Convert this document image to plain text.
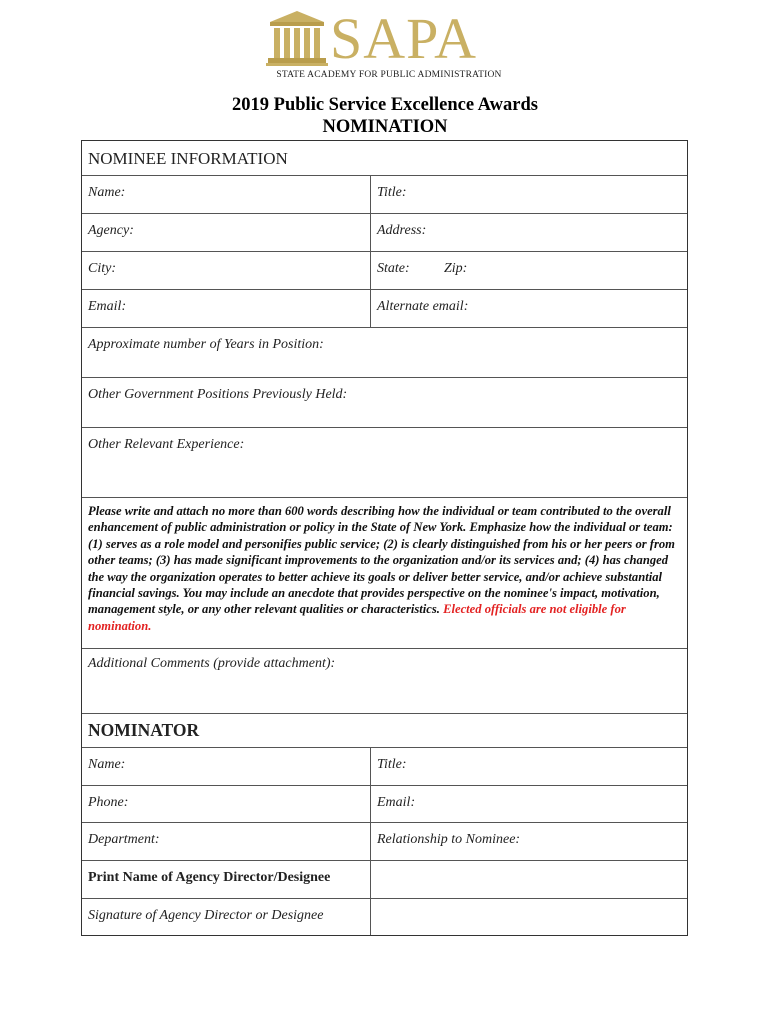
SAPA
STATE ACADEMY FOR PUBLIC ADMINISTRATION
2019 Public Service Excellence Awards
NOMINATION
NOMINEE INFORMATION
Name:	Title:
Agency:	Address:
City:	State: Zip:
Email:	Alternate email:
Approximate number of Years in Position:
Other Government Positions Previously Held:
Other Relevant Experience:
Please write and attach no more than 600 words describing how the individual or team contributed to the overall enhancement of public administration or policy in the State of New York. Emphasize how the individual or team: (1) serves as a role model and personifies public service; (2) is clearly distinguished from his or her peers or from other teams; (3) has made significant improvements to the organization and/or its services and; (4) has changed the way the organization operates to better achieve its goals or deliver better service, and/or achieve substantial financial savings. You may include an anecdote that provides perspective on the nominee's impact, motivation, management style, or any other relevant qualities or characteristics. Elected officials are not eligible for nomination.
Additional Comments (provide attachment):
NOMINATOR
Name:	Title:
Phone:	Email:
Department:	Relationship to Nominee:
Print Name of Agency Director/Designee
Signature of Agency Director or Designee
